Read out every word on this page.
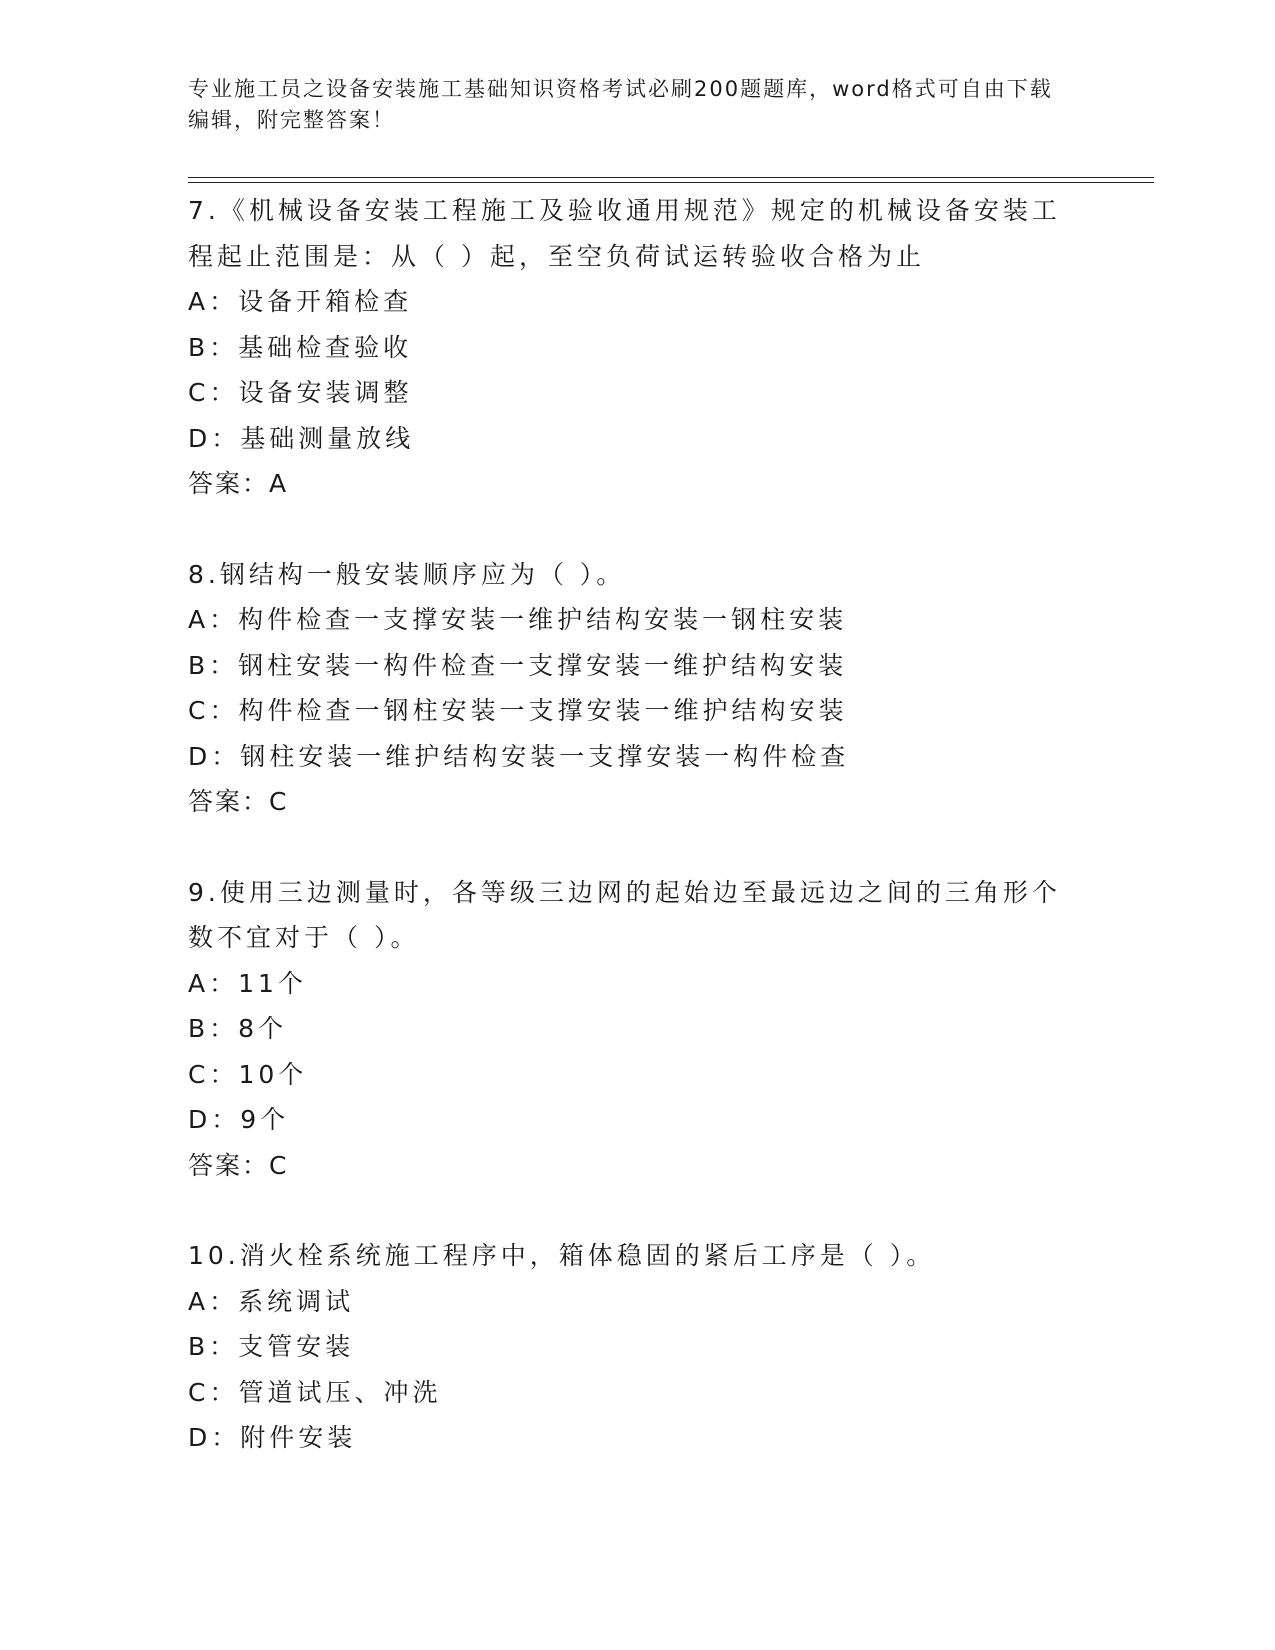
专业施工员之设备安装施工基础知识资格考试必刷200题题库，word格式可自由下载编辑，附完整答案！
7.《机械设备安装工程施工及验收通用规范》规定的机械设备安装工程起止范围是：从（ ）起，至空负荷试运转验收合格为止
A：设备开箱检查
B：基础检查验收
C：设备安装调整
D：基础测量放线
答案：A
8.钢结构一般安装顺序应为（ ）。
A：构件检查一支撑安装一维护结构安装一钢柱安装
B：钢柱安装一构件检查一支撑安装一维护结构安装
C：构件检查一钢柱安装一支撑安装一维护结构安装
D：钢柱安装一维护结构安装一支撑安装一构件检查
答案：C
9.使用三边测量时，各等级三边网的起始边至最远边之间的三角形个数不宜对于（ ）。
A：11个
B：8个
C：10个
D：9个
答案：C
10.消火栓系统施工程序中，箱体稳固的紧后工序是（ ）。
A：系统调试
B：支管安装
C：管道试压、冲洗
D：附件安装
